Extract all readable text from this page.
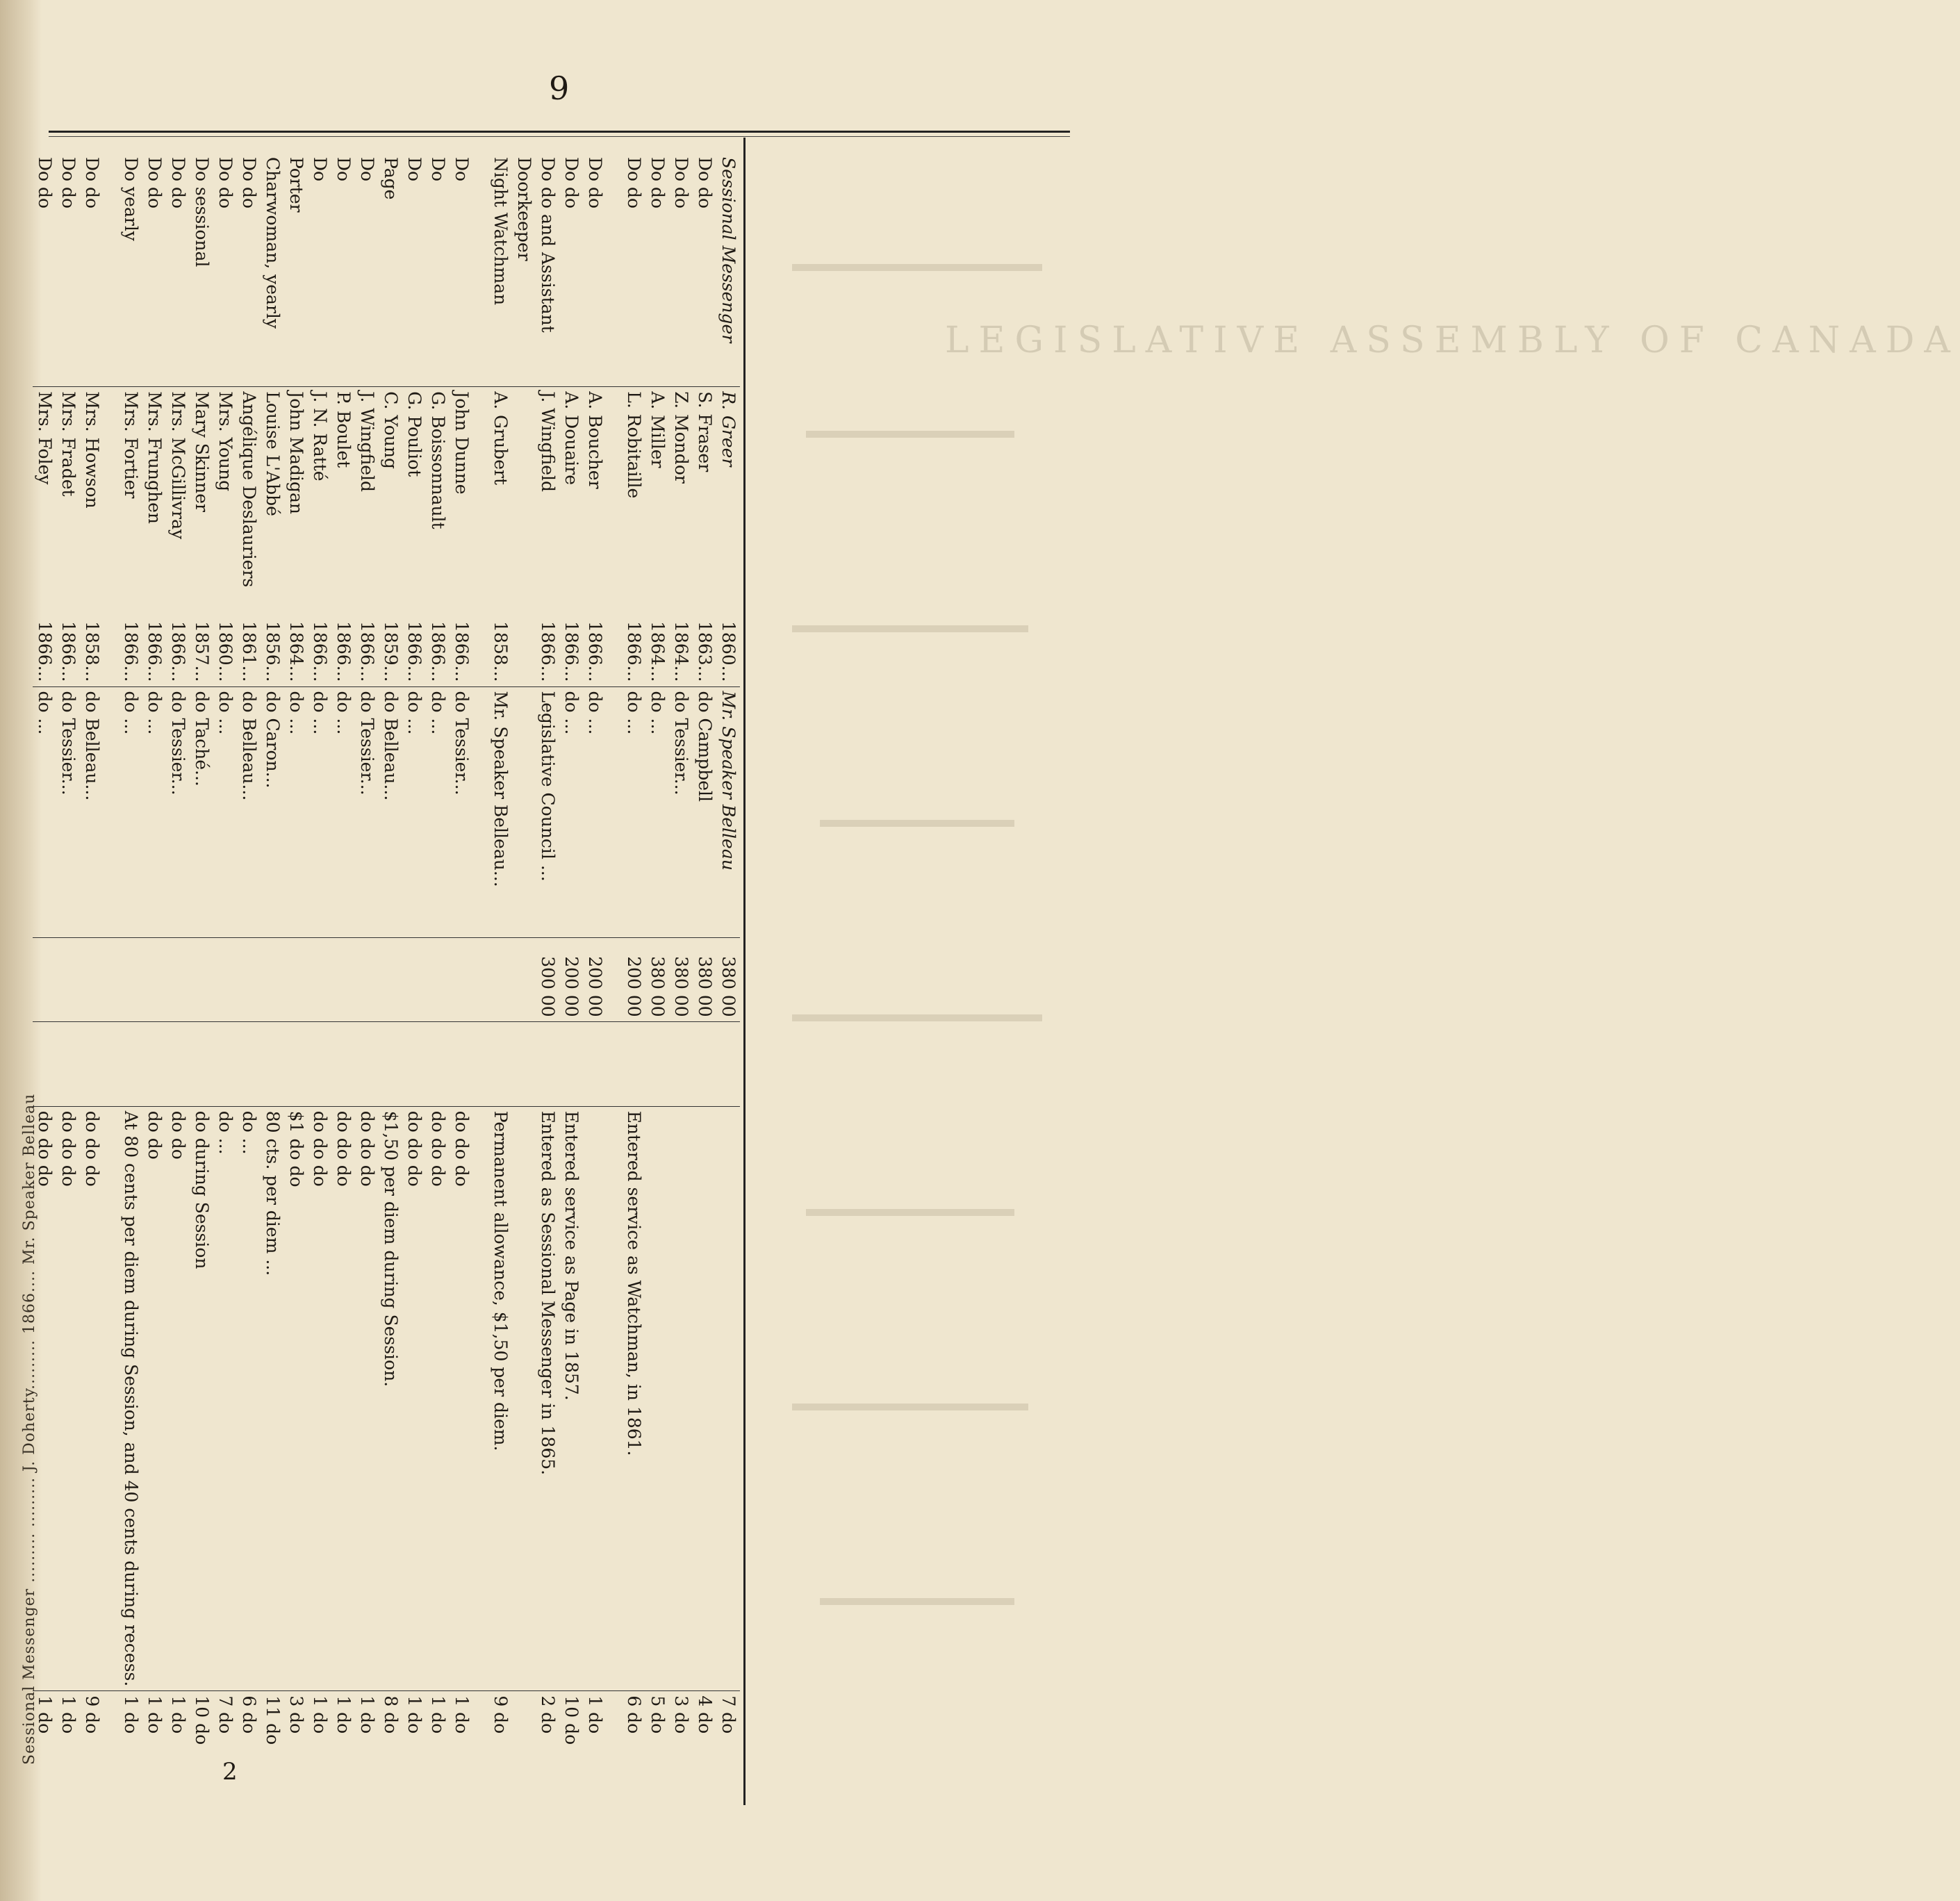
Sessional Messenger ......... ......... J. Doherty......... 1866.... Mr. Speaker Belleau
9
LEGISLATIVE ASSEMBLY OF CANADA
Sessional Messenger	R. Greer	1860...	Mr. Speaker Belleau	380 00			7 do
Do do	S. Fraser	1863...	do Campbell	380 00			4 do
Do do	Z. Mondor	1864...	do Tessier...	380 00			3 do
Do do	A. Miller	1864...	do ...	380 00			5 do
Do do	L. Robitaille	1866...	do ...	200 00		Entered service as Watchman, in 1861.	6 do

Do do	A. Boucher	1866...	do ...	200 00			1 do
Do do	A. Douaire	1866...	do ...	200 00		Entered service as Page in 1857.	10 do
Do do and Assistant	J. Wingfield	1866...	Legislative Council ...	300 00		Entered as Sessional Messenger in 1865.	2 do
Doorkeeper							
Night Watchman	A. Grubert	1858...	Mr. Speaker Belleau...			Permanent allowance, $1,50 per diem.	9 do

Do	John Dunne	1866...	do Tessier...			do do do	1 do
Do	G. Boissonnault	1866...	do ...			do do do	1 do
Do	G. Pouliot	1866...	do ...			do do do	1 do
Page	C. Young	1859...	do Belleau...			$1,50 per diem during Session.	8 do
Do	J. Wingfield	1866...	do Tessier...			do do do	1 do
Do	P. Boulet	1866...	do ...			do do do	1 do
Do	J. N. Ratté	1866...	do ...			do do do	1 do
Porter	John Madigan	1864...	do ...			$1 do do	3 do
Charwoman, yearly	Louise L'Abbé	1856...	do Caron...			80 cts. per diem ...	11 do
Do do	Angélique Deslauriers	1861...	do Belleau...			do ...	6 do
Do do	Mrs. Young	1860...	do ...			do ...	7 do
Do sessional	Mary Skinner	1857...	do Taché...			do during Session	10 do
Do do	Mrs. McGillivray	1866...	do Tessier...			do do	1 do
Do do	Mrs. Frunghen	1866...	do ...			do do	1 do
Do yearly	Mrs. Fortier	1866...	do ...			At 80 cents per diem during Session, and 40 cents during recess.	1 do

Do do	Mrs. Howson	1858...	do Belleau...			do do do	9 do
Do do	Mrs. Fradet	1866...	do Tessier...			do do do	1 do
Do do	Mrs. Foley	1866...	do ...			do do do	1 do
2
